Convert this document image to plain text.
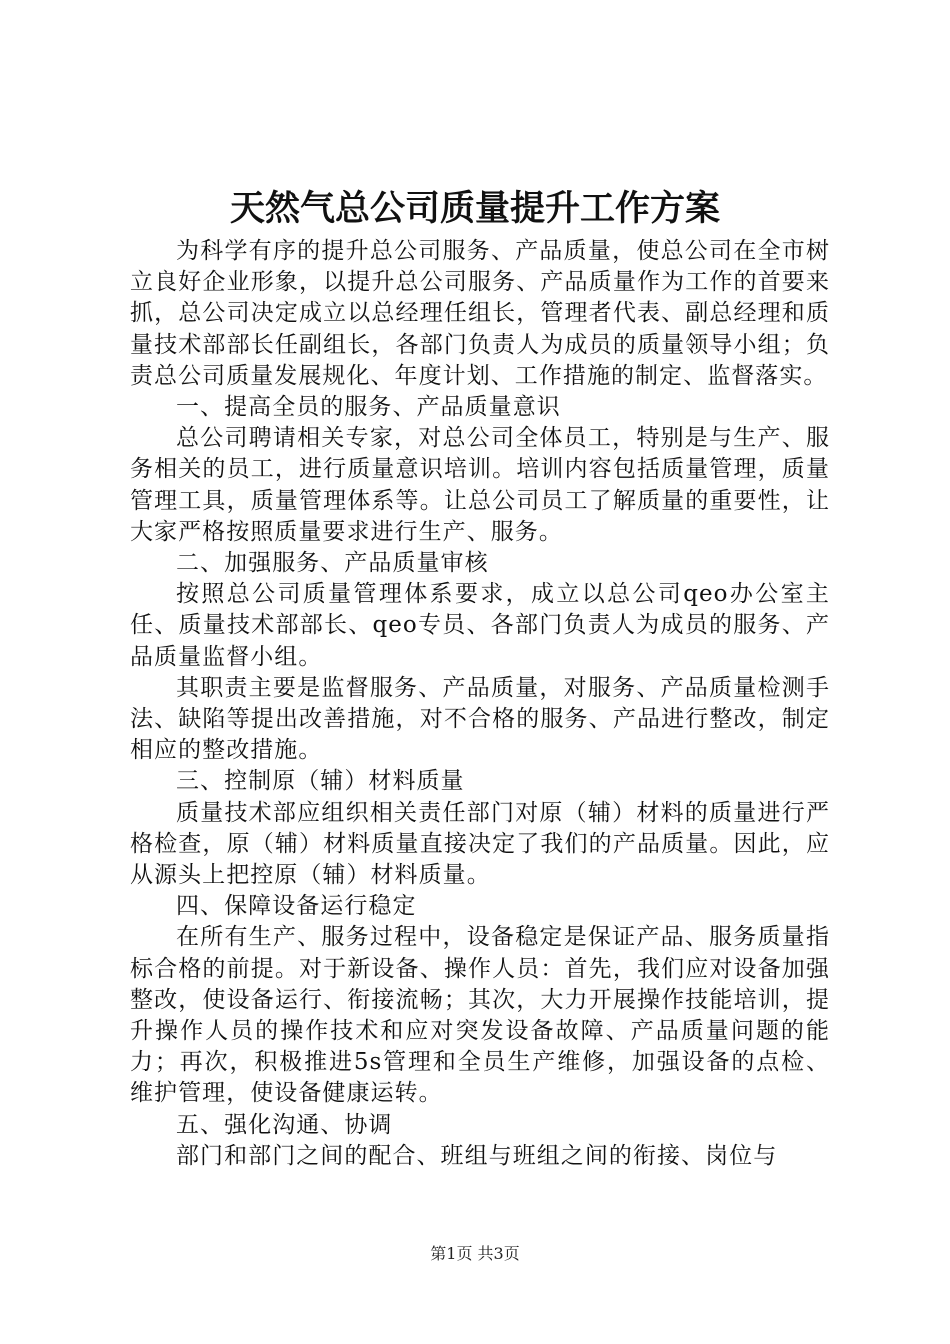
天然气总公司质量提升工作方案

为科学有序的提升总公司服务、产品质量，使总公司在全市树立良好企业形象，以提升总公司服务、产品质量作为工作的首要来抓，总公司决定成立以总经理任组长，管理者代表、副总经理和质量技术部部长任副组长，各部门负责人为成员的质量领导小组；负责总公司质量发展规化、年度计划、工作措施的制定、监督落实。

一、提高全员的服务、产品质量意识

总公司聘请相关专家，对总公司全体员工，特别是与生产、服务相关的员工，进行质量意识培训。培训内容包括质量管理，质量管理工具，质量管理体系等。让总公司员工了解质量的重要性，让大家严格按照质量要求进行生产、服务。

二、加强服务、产品质量审核

按照总公司质量管理体系要求，成立以总公司qeo办公室主任、质量技术部部长、qeo专员、各部门负责人为成员的服务、产品质量监督小组。

其职责主要是监督服务、产品质量，对服务、产品质量检测手法、缺陷等提出改善措施，对不合格的服务、产品进行整改，制定相应的整改措施。

三、控制原（辅）材料质量

质量技术部应组织相关责任部门对原（辅）材料的质量进行严格检查，原（辅）材料质量直接决定了我们的产品质量。因此，应从源头上把控原（辅）材料质量。

四、保障设备运行稳定

在所有生产、服务过程中，设备稳定是保证产品、服务质量指标合格的前提。对于新设备、操作人员：首先，我们应对设备加强整改，使设备运行、衔接流畅；其次，大力开展操作技能培训，提升操作人员的操作技术和应对突发设备故障、产品质量问题的能力；再次，积极推进5s管理和全员生产维修，加强设备的点检、维护管理，使设备健康运转。

五、强化沟通、协调

部门和部门之间的配合、班组与班组之间的衔接、岗位与

第1页 共3页
